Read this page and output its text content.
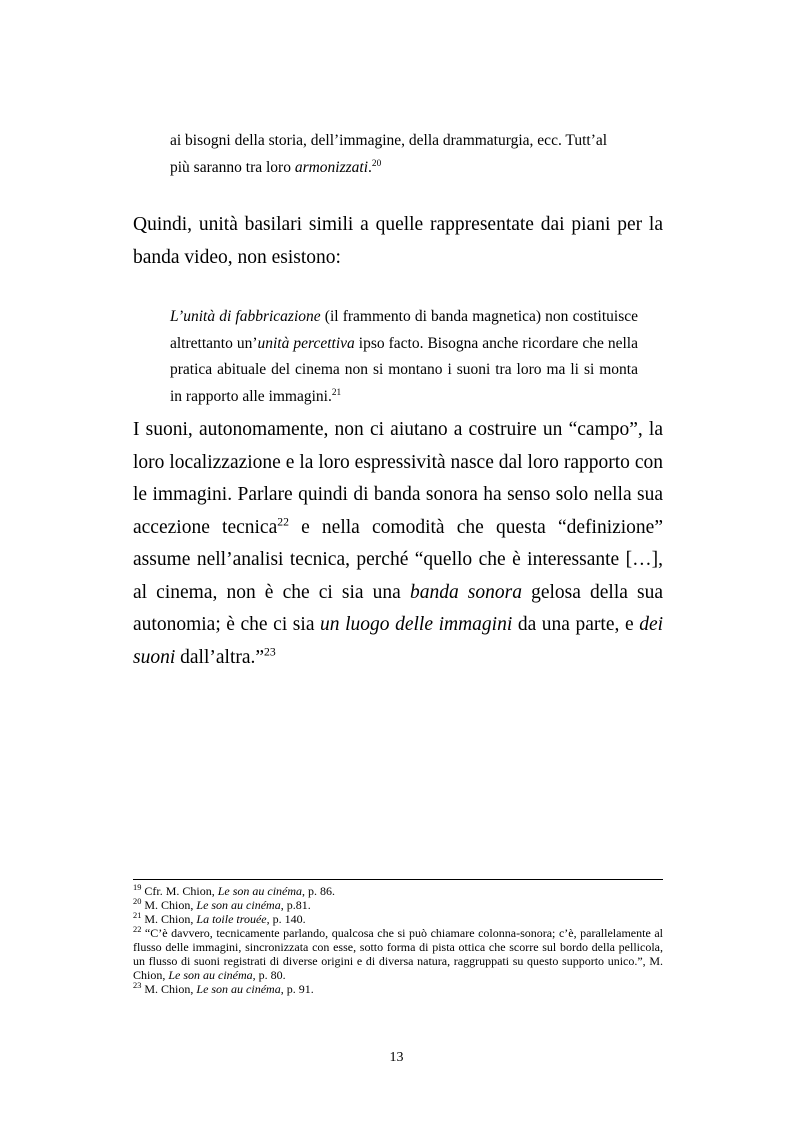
ai bisogni della storia, dell’immagine, della drammaturgia, ecc. Tutt’al

più saranno tra loro armonizzati.$^{20}$

Quindi, unità basilari simili a quelle rappresentate dai piani per la

banda video, non esistono:

L’unità di fabbricazione (il frammento di banda magnetica) non costituisce altrettanto un’unità percettiva ipso facto. Bisogna anche ricordare che nella pratica abituale del cinema non si montano i suoni tra loro ma li si monta in rapporto alle immagini.$^{21}$

I suoni, autonomamente, non ci aiutano a costruire un “campo”, la loro localizzazione e la loro espressività nasce dal loro rapporto con le immagini. Parlare quindi di banda sonora ha senso solo nella sua accezione tecnica$^{22}$ e nella comodità che questa “definizione” assume nell’analisi tecnica, perché “quello che è interessante […], al cinema, non è che ci sia una banda sonora gelosa della sua autonomia; è che ci sia un luogo delle immagini da una parte, e dei suoni dall’altra.”$^{23}$

$^{19}$ Cfr. M. Chion, Le son au cinéma, p. 86.

$^{20}$ M. Chion, Le son au cinéma, p.81.

$^{21}$ M. Chion, La toile trouée, p. 140.

$^{22}$ “C’è davvero, tecnicamente parlando, qualcosa che si può chiamare colonna-sonora; c’è, parallelamente al flusso delle immagini, sincronizzata con esse, sotto forma di pista ottica che scorre sul bordo della pellicola, un flusso di suoni registrati di diverse origini e di diversa natura, raggruppati su questo supporto unico.”, M. Chion, Le son au cinéma, p. 80.

$^{23}$ M. Chion, Le son au cinéma, p. 91.

13
